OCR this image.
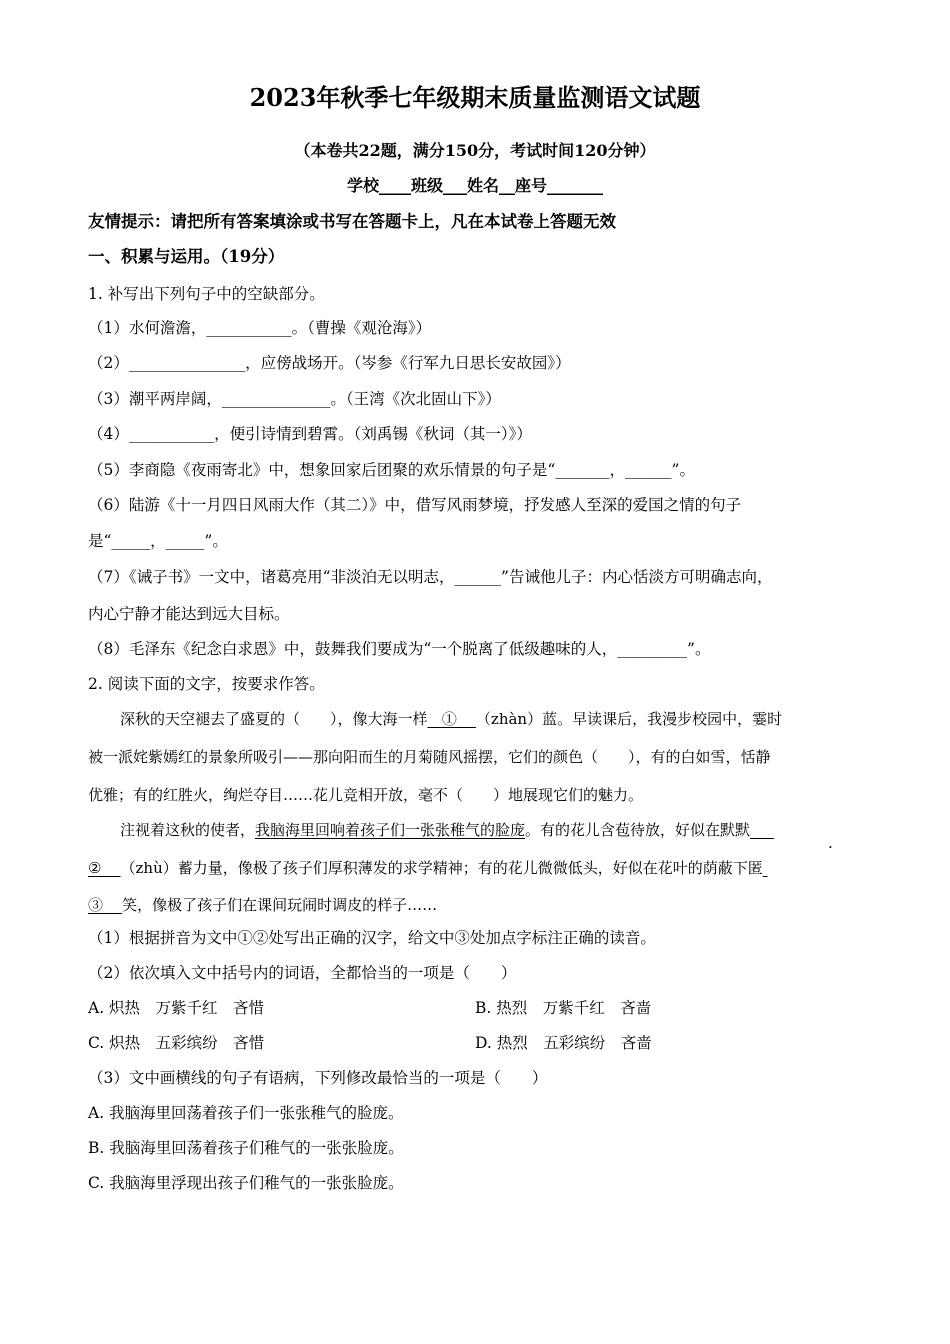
2023年秋季七年级期末质量监测语文试题
（本卷共22题，满分150分，考试时间120分钟）
学校____班级___姓名__座号_______
友情提示：请把所有答案填涂或书写在答题卡上，凡在本试卷上答题无效
一、积累与运用。（19分）
1. 补写出下列句子中的空缺部分。
（1）水何澹澹，___________。（曹操《观沧海》）
（2）_______________，应傍战场开。（岑参《行军九日思长安故园》）
（3）潮平两岸阔，______________。（王湾《次北固山下》）
（4）___________，便引诗情到碧霄。（刘禹锡《秋词（其一）》）
（5）李商隐《夜雨寄北》中，想象回家后团聚的欢乐情景的句子是“_______，______”。
（6）陆游《十一月四日风雨大作（其二）》中，借写风雨梦境，抒发感人至深的爱国之情的句子
是“_____，_____”。
（7）《诫子书》一文中，诸葛亮用“非淡泊无以明志，______”告诫他儿子：内心恬淡方可明确志向，
内心宁静才能达到远大目标。
（8）毛泽东《纪念白求恩》中，鼓舞我们要成为“一个脱离了低级趣味的人，_________”。
2. 阅读下面的文字，按要求作答。
深秋的天空褪去了盛夏的（　　），像大海一样 ① （zhàn）蓝。早读课后，我漫步校园中，霎时
被一派姹紫嫣红的景象所吸引——那向阳而生的月菊随风摇摆，它们的颜色（　　），有的白如雪，恬静
优雅；有的红胜火，绚烂夺目……花儿竞相开放，毫不（　　）地展现它们的魅力。
注视着这秋的使者，我脑海里回响着孩子们一张张稚气的脸庞。有的花儿含苞待放，好似在默默
·
② （zhù）蓄力量，像极了孩子们厚积薄发的求学精神；有的花儿微微低头，好似在花叶的荫蔽下匿
③ 笑，像极了孩子们在课间玩闹时调皮的样子……
（1）根据拼音为文中①②处写出正确的汉字，给文中③处加点字标注正确的读音。
（2）依次填入文中括号内的词语，全都恰当的一项是（　　）
A. 炽热　万紫千红　吝惜	B. 热烈　万紫千红　吝啬
C. 炽热　五彩缤纷　吝惜	D. 热烈　五彩缤纷　吝啬
（3）文中画横线的句子有语病，下列修改最恰当的一项是（　　）
A. 我脑海里回荡着孩子们一张张稚气的脸庞。
B. 我脑海里回荡着孩子们稚气的一张张脸庞。
C. 我脑海里浮现出孩子们稚气的一张张脸庞。
